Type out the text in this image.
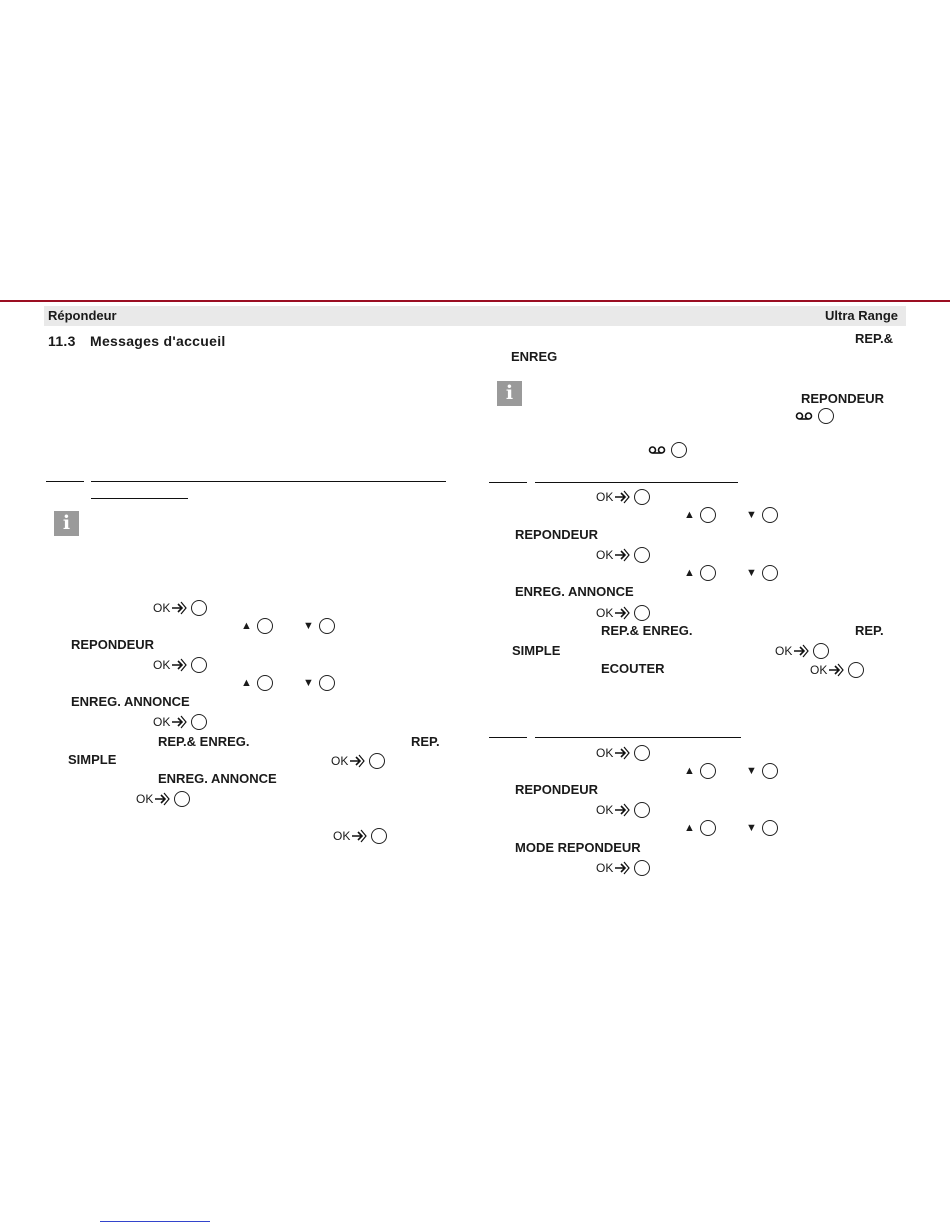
Répondeur	Ultra Range
11.3 Messages d'accueil
i
OK
▲	▼
REPONDEUR
OK
▲	▼
ENREG. ANNONCE
OK
REP.& ENREG.	REP.
SIMPLE	OK
ENREG. ANNONCE
OK
OK
REP.&
ENREG
i	REPONDEUR
OK
▲	▼
REPONDEUR
OK
▲	▼
ENREG. ANNONCE
OK
REP.& ENREG.	REP.
SIMPLE	OK
ECOUTER	OK
OK
▲	▼
REPONDEUR
OK
▲	▼
MODE REPONDEUR
OK
